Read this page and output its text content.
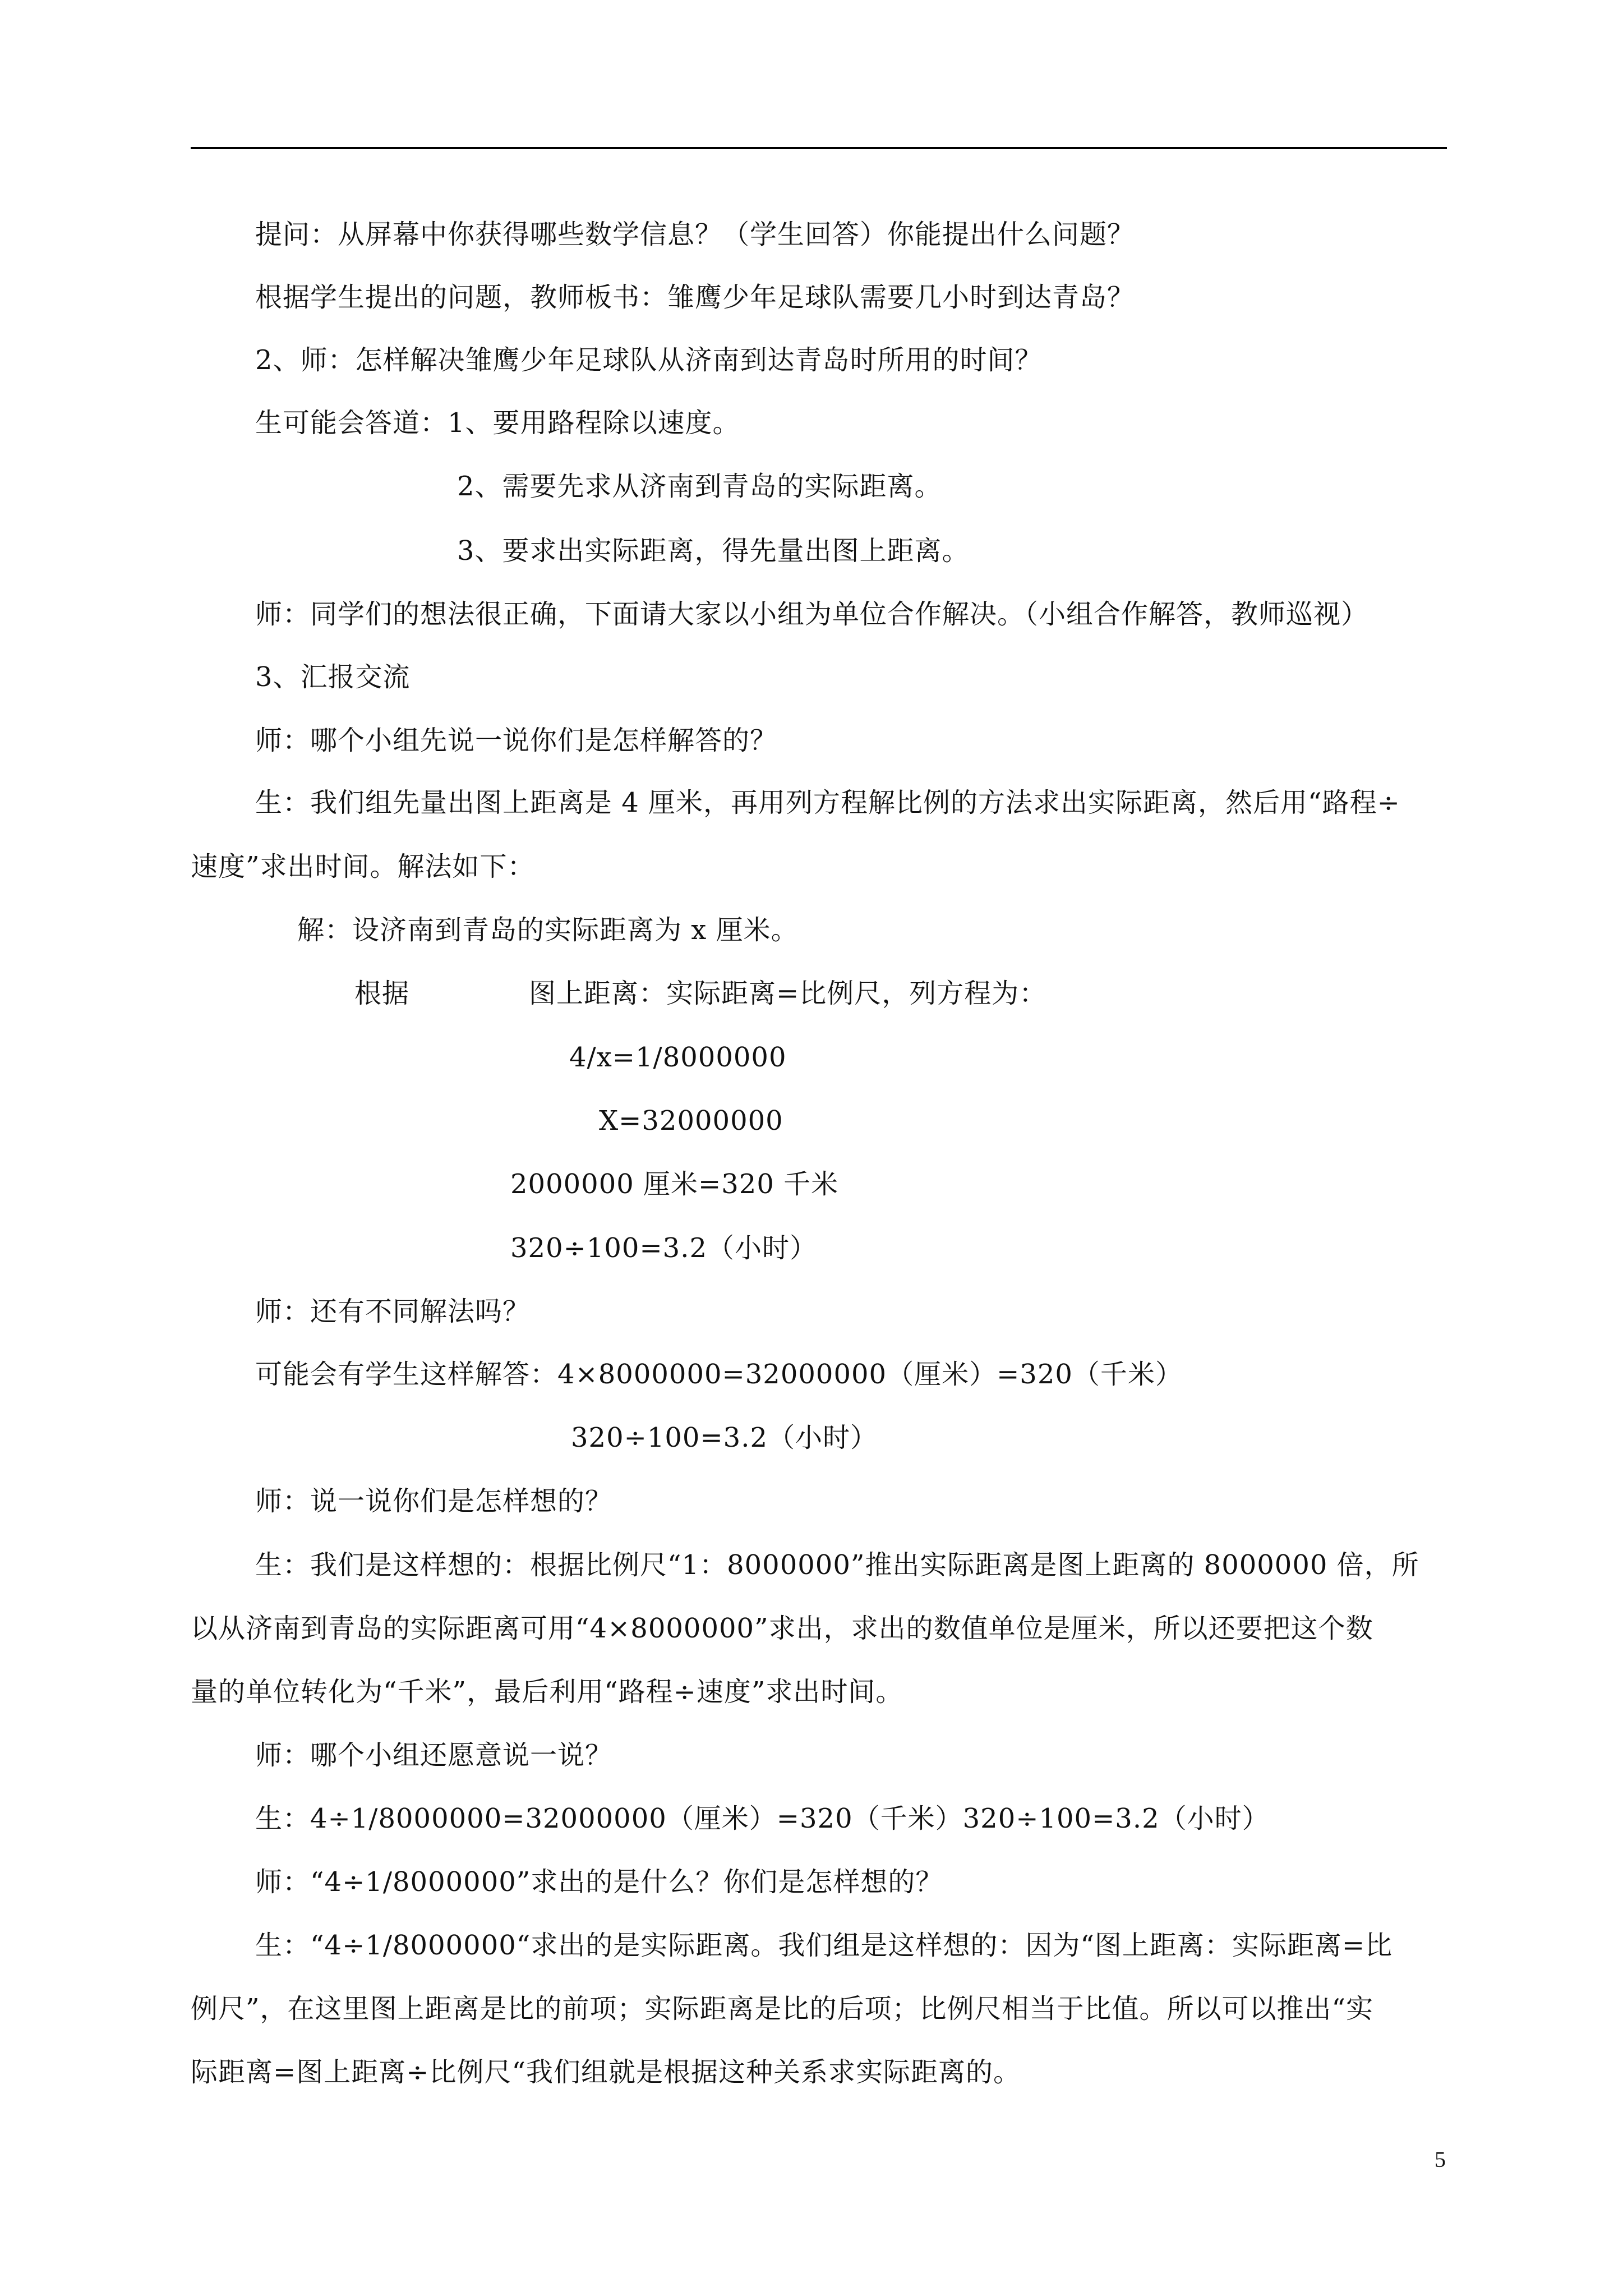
提问：从屏幕中你获得哪些数学信息？（学生回答）你能提出什么问题？
根据学生提出的问题，教师板书：雏鹰少年足球队需要几小时到达青岛？
2、师：怎样解决雏鹰少年足球队从济南到达青岛时所用的时间？
生可能会答道：1、要用路程除以速度。
2、需要先求从济南到青岛的实际距离。
3、要求出实际距离，得先量出图上距离。
师：同学们的想法很正确，下面请大家以小组为单位合作解决。（小组合作解答，教师巡视）
3、汇报交流
师：哪个小组先说一说你们是怎样解答的？
生：我们组先量出图上距离是 4 厘米，再用列方程解比例的方法求出实际距离，然后用“路程÷
速度”求出时间。解法如下：
解：设济南到青岛的实际距离为 x 厘米。
根据	图上距离：实际距离=比例尺，列方程为：
4/x=1/8000000
X=32000000
2000000 厘米=320 千米
320÷100=3.2（小时）
师：还有不同解法吗？
可能会有学生这样解答：4×8000000=32000000（厘米）=320（千米）
320÷100=3.2（小时）
师：说一说你们是怎样想的？
生：我们是这样想的：根据比例尺“1：8000000”推出实际距离是图上距离的 8000000 倍，所
以从济南到青岛的实际距离可用“4×8000000”求出，求出的数值单位是厘米，所以还要把这个数
量的单位转化为“千米”，最后利用“路程÷速度”求出时间。
师：哪个小组还愿意说一说？
生：4÷1/8000000=32000000（厘米）=320（千米）320÷100=3.2（小时）
师：“4÷1/8000000”求出的是什么？你们是怎样想的？
生：“4÷1/8000000“求出的是实际距离。我们组是这样想的：因为“图上距离：实际距离=比
例尺”，在这里图上距离是比的前项；实际距离是比的后项；比例尺相当于比值。所以可以推出“实
际距离=图上距离÷比例尺“我们组就是根据这种关系求实际距离的。
5
